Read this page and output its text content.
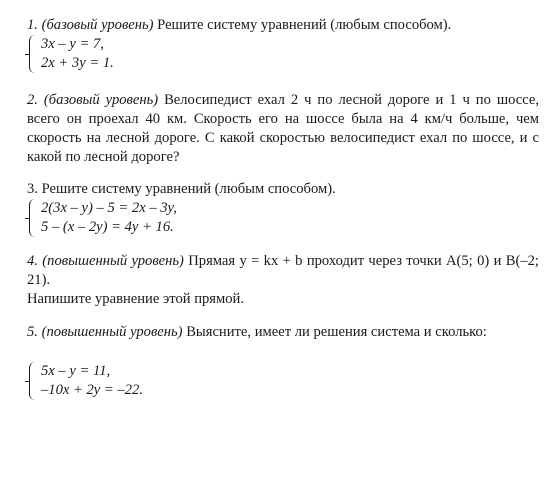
1. (базовый уровень) Решите систему уравнений (любым способом).
3x – y = 7,
2x + 3y = 1.
2. (базовый уровень) Велосипедист ехал 2 ч по лесной дороге и 1 ч по шоссе, всего он проехал 40 км. Скорость его на шоссе была на 4 км/ч больше, чем скорость на лесной дороге. С какой скоростью велосипедист ехал по шоссе, и с какой по лесной дороге?
3. Решите систему уравнений (любым способом).
2(3x – y) – 5 = 2x – 3y,
5 – (x – 2y) = 4y + 16.
4. (повышенный уровень) Прямая y = kx + b проходит через точки A(5; 0) и B(–2; 21).
Напишите уравнение этой прямой.
5. (повышенный уровень) Выясните, имеет ли решения система и сколько:
5x – y = 11,
–10x + 2y = –22.
